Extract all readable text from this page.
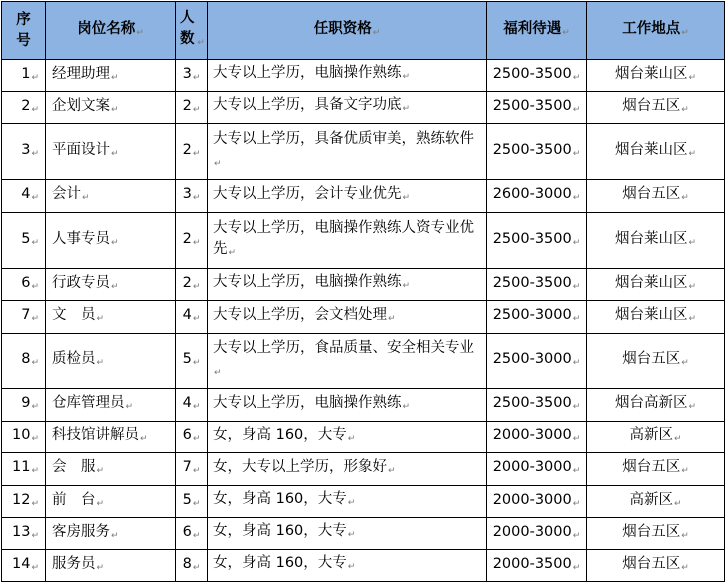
序号	岗位名称↵	人数 ↵	任职资格↵	福利待遇↵	工作地点↵
1↵	经理助理↵	3↵	大专以上学历，电脑操作熟练↵	2500-3500↵	烟台莱山区↵
2↵	企划文案↵	2↵	大专以上学历，具备文字功底↵	2500-3500↵	烟台五区↵
3↵	平面设计↵	2↵	大专以上学历，具备优质审美，熟练软件↵	2500-3500↵	烟台莱山区↵
4↵	会计↵	3↵	大专以上学历，会计专业优先↵	2600-3000↵	烟台五区↵
5↵	人事专员↵	2↵	大专以上学历，电脑操作熟练人资专业优先↵	2500-3500↵	烟台莱山区↵
6↵	行政专员↵	2↵	大专以上学历，电脑操作熟练↵	2500-3500↵	烟台莱山区↵
7↵	文　员↵	4↵	大专以上学历，会文档处理↵	2500-3000↵	烟台莱山区↵
8↵	质检员↵	5↵	大专以上学历，食品质量、安全相关专业↵	2500-3000↵	烟台五区↵
9↵	仓库管理员↵	4↵	大专以上学历，电脑操作熟练↵	2500-3500↵	烟台高新区↵
10↵	科技馆讲解员↵	6↵	女，身高 160，大专↵	2000-3000↵	高新区↵
11↵	会　服↵	7↵	女，大专以上学历，形象好↵	2000-3000↵	烟台五区↵
12↵	前　台↵	5↵	女，身高 160，大专↵	2000-3000↵	高新区↵
13↵	客房服务↵	6↵	女，身高 160，大专↵	2000-3000↵	烟台五区↵
14↵	服务员↵	8↵	女，身高 160，大专↵	2000-3500↵	烟台五区↵
